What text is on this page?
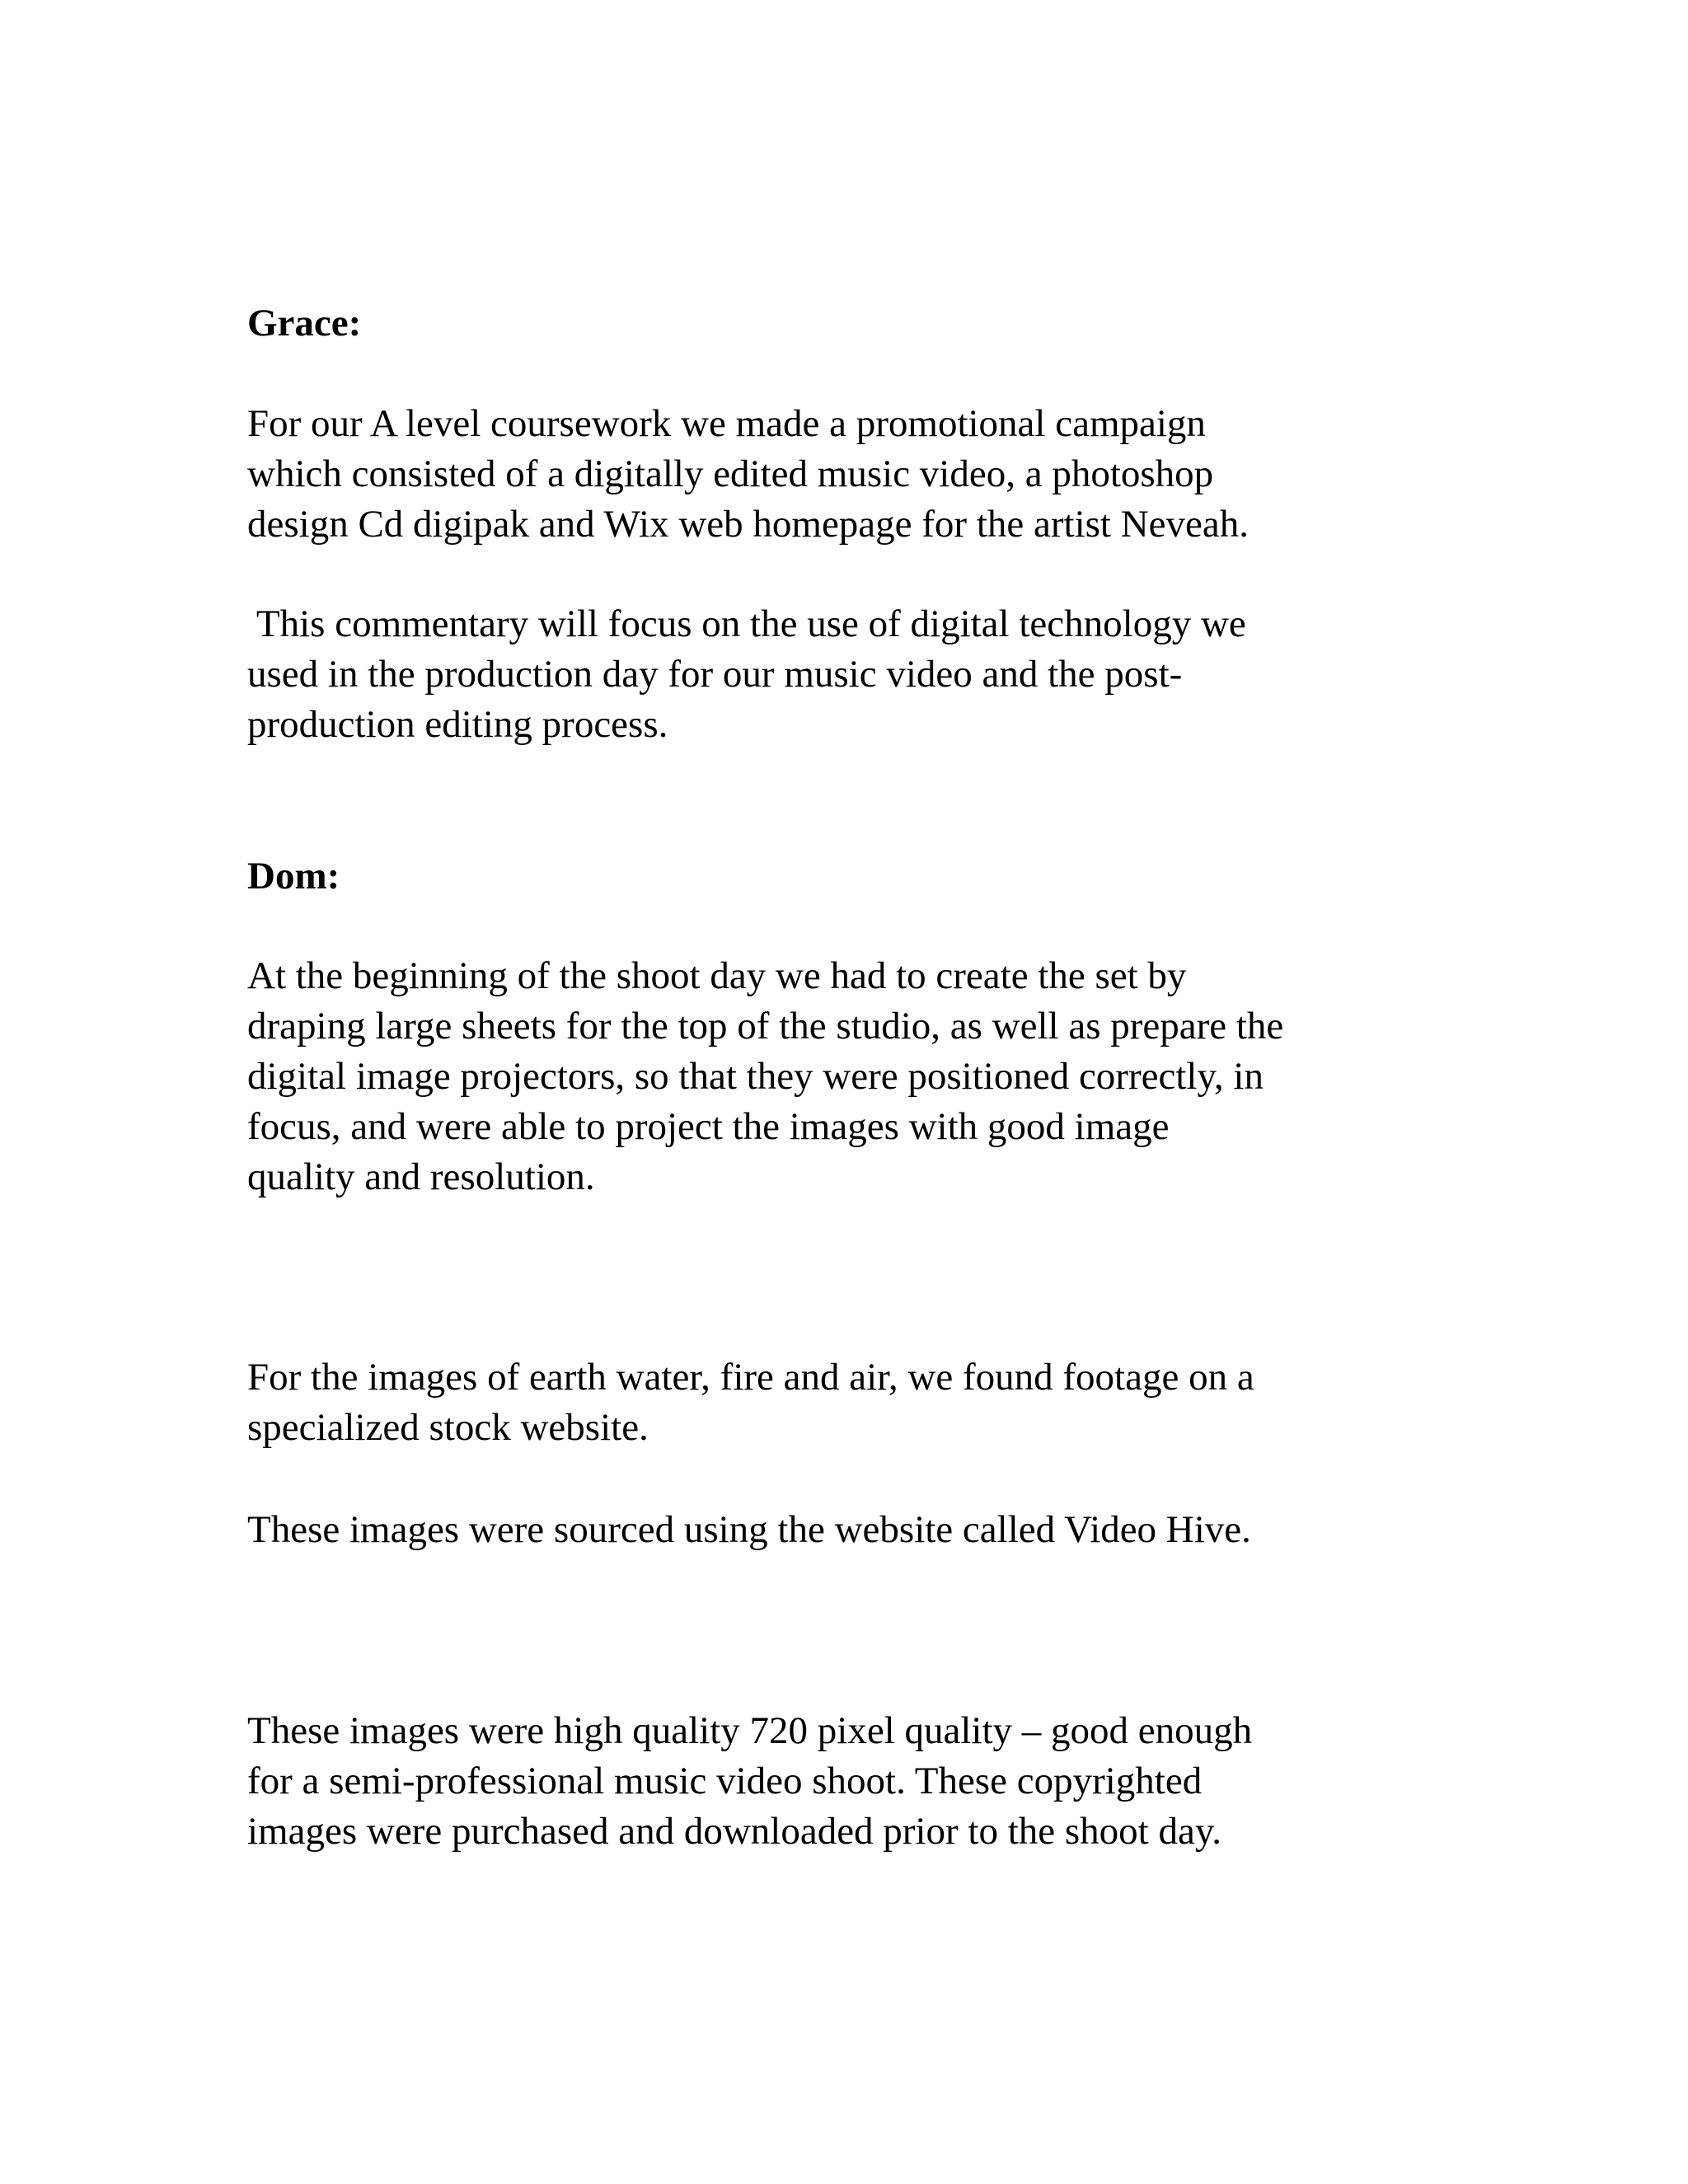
Grace:
For our A level coursework we made a promotional campaign
which consisted of a digitally edited music video, a photoshop
design Cd digipak and Wix web homepage for the artist Neveah.
This commentary will focus on the use of digital technology we
used in the production day for our music video and the post-
production editing process.
Dom:
At the beginning of the shoot day we had to create the set by
draping large sheets for the top of the studio, as well as prepare the
digital image projectors, so that they were positioned correctly, in
focus, and were able to project the images with good image
quality and resolution.
For the images of earth water, fire and air, we found footage on a
specialized stock website.
These images were sourced using the website called Video Hive.
These images were high quality 720 pixel quality – good enough
for a semi-professional music video shoot. These copyrighted
images were purchased and downloaded prior to the shoot day.
